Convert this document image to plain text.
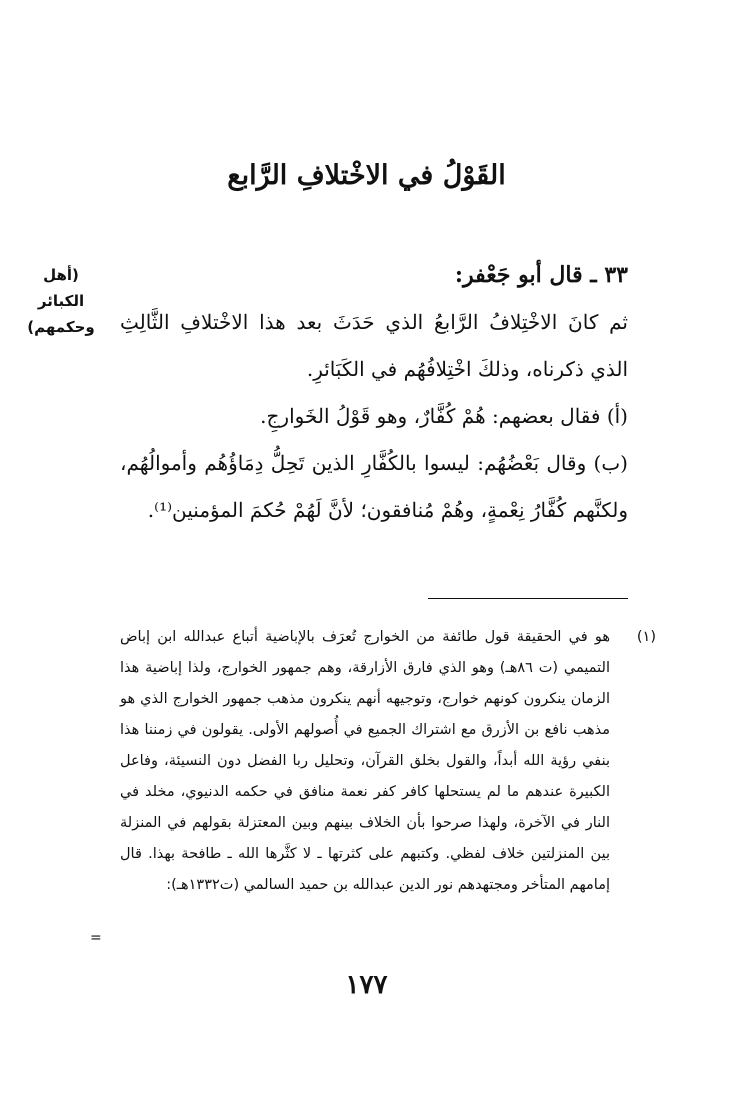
القَوْلُ في الاخْتلافِ الرَّابع
(أهل
الكبائر
وحكمهم)

٣٣ ـ قال أبو جَعْفر:

ثم كانَ الاخْتِلافُ الرَّابعُ الذي حَدَثَ بعد هذا الاخْتلافِ الثَّالِثِ الذي ذكرناه، وذلكَ اخْتِلافُهُم في الكَبَائرِ.

(أ) فقال بعضهم: هُمْ كُفَّارٌ، وهو قَوْلُ الخَوارجِ.

(ب) وقال بَعْضُهُم: ليسوا بالكُفَّارِ الذين تَحِلُّ دِمَاؤُهُم وأموالُهُم، ولكنَّهم كُفَّارُ نِعْمةٍ، وهُمْ مُنافقون؛ لأنَّ لَهُمْ حُكمَ المؤمنين⁽¹⁾.

(١)
هو في الحقيقة قول طائفة من الخوارج تُعرَف بالإباضية أتباع عبدالله ابن إباض التميمي (ت ٨٦هـ) وهو الذي فارق الأزارقة، وهم جمهور الخوارج، ولذا إباضية هذا الزمان ينكرون كونهم خوارج، وتوجيهه أنهم ينكرون مذهب جمهور الخوارج الذي هو مذهب نافع بن الأزرق مع اشتراك الجميع في أُصولهم الأولى. يقولون في زمننا هذا بنفي رؤية الله أبداً، والقول بخلق القرآن، وتحليل ربا الفضل دون النسيئة، وفاعل الكبيرة عندهم ما لم يستحلها كافر كفر نعمة منافق في حكمه الدنيوي، مخلد في النار في الآخرة، ولهذا صرحوا بأن الخلاف بينهم وبين المعتزلة بقولهم في المنزلة بين المنزلتين خلاف لفظي. وكتبهم على كثرتها ـ لا كثَّرها الله ـ طافحة بهذا. قال إمامهم المتأخر ومجتهدهم نور الدين عبدالله بن حميد السالمي (ت١٣٣٢هـ):
=
١٧٧
